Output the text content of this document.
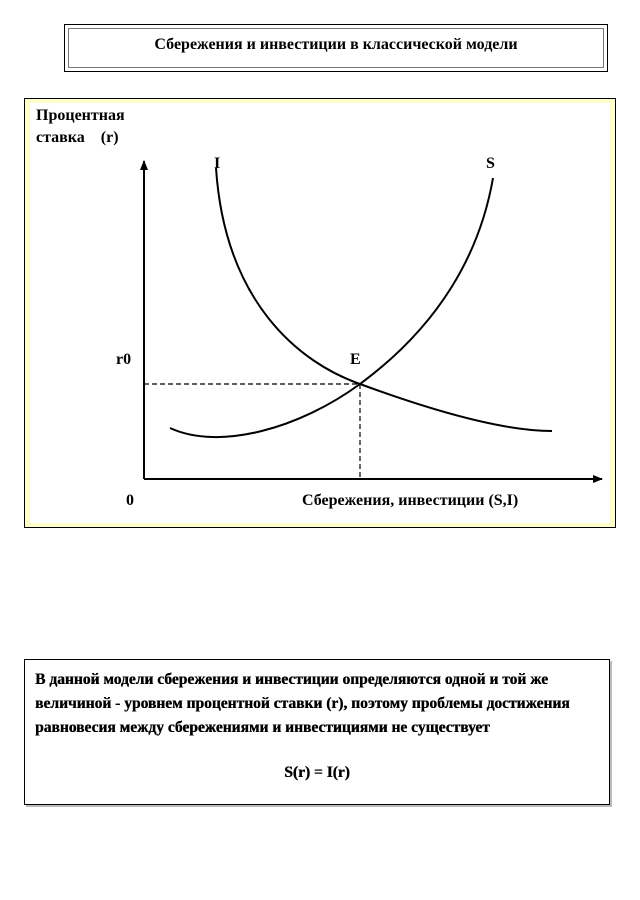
Сбережения и инвестиции в классической модели
Процентная
ставка    (r)
I	S
E
r0
0	Сбережения, инвестиции (S,I)

В данной модели сбережения и инвестиции определяются одной и той же величиной - уровнем процентной ставки (r), поэтому проблемы достижения равновесия между сбережениями и инвестициями не существует

S(r) = I(r)
